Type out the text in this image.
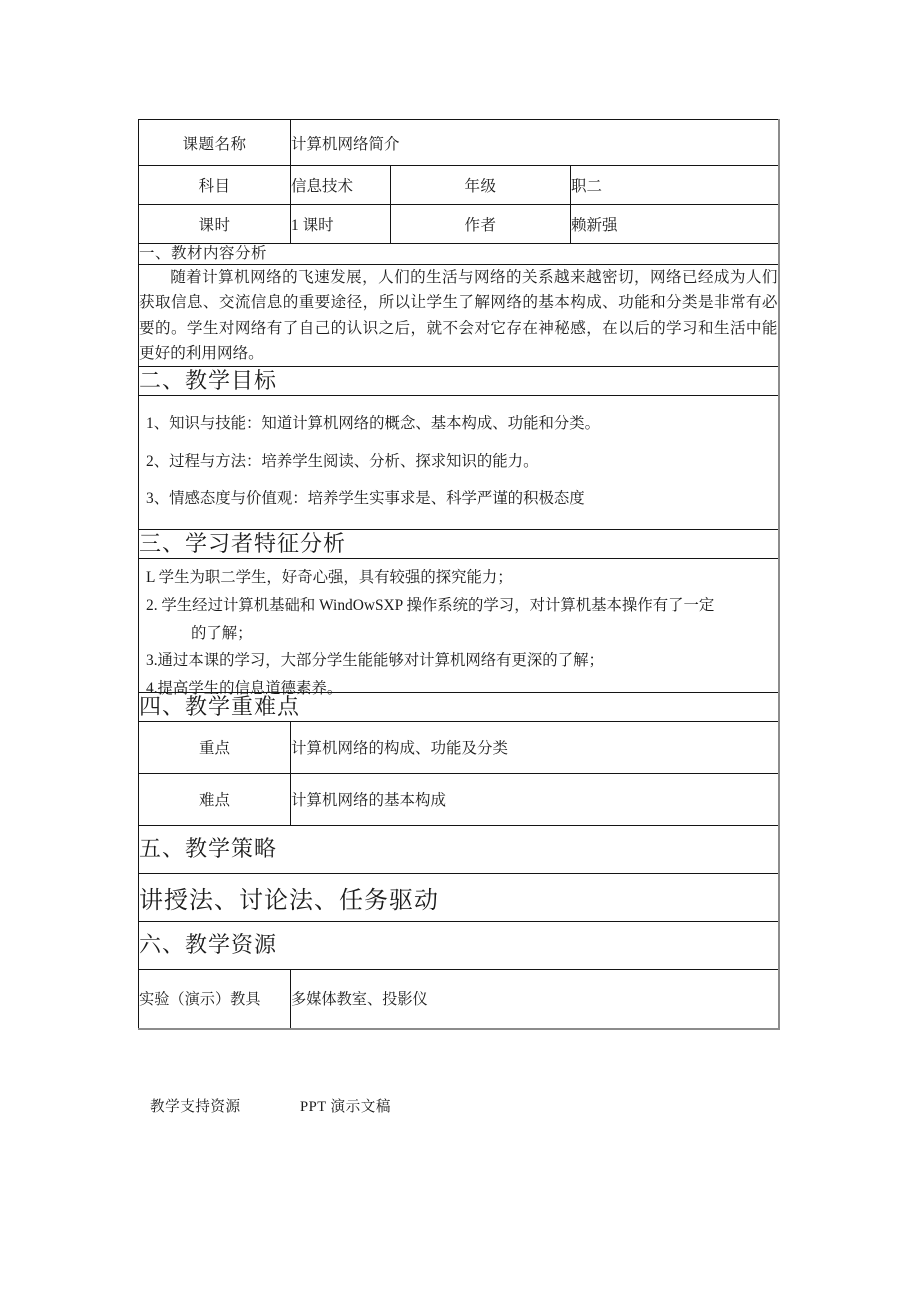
课题名称	计算机网络简介		
科目	信息技术	年级	职二
课时	1 课时	作者	赖新强
一、教材内容分析			
随着计算机网络的飞速发展，人们的生活与网络的关系越来越密切，网络已经成为人们获取信息、交流信息的重要途径，所以让学生了解网络的基本构成、功能和分类是非常有必要的。学生对网络有了自己的认识之后，就不会对它存在神秘感，在以后的学习和生活中能更好的利用网络。			
二、教学目标			

1、知识与技能：知道计算机网络的概念、基本构成、功能和分类。
2、过程与方法：培养学生阅读、分析、探求知识的能力。
3、情感态度与价值观：培养学生实事求是、科学严谨的积极态度			

三、学习者特征分析			

L 学生为职二学生，好奇心强，具有较强的探究能力；
2. 学生经过计算机基础和 WindOwSXP 操作系统的学习，对计算机基本操作有了一定
的了解；
3.通过本课的学习，大部分学生能能够对计算机网络有更深的了解；
4.提高学生的信息道德素养。			

四、教学重难点			
重点	计算机网络的构成、功能及分类		
难点	计算机网络的基本构成		
五、教学策略			
讲授法、讨论法、任务驱动			
六、教学资源			
实验（演示）教具	多媒体教室、投影仪		
教学支持资源	PPT 演示文稿
